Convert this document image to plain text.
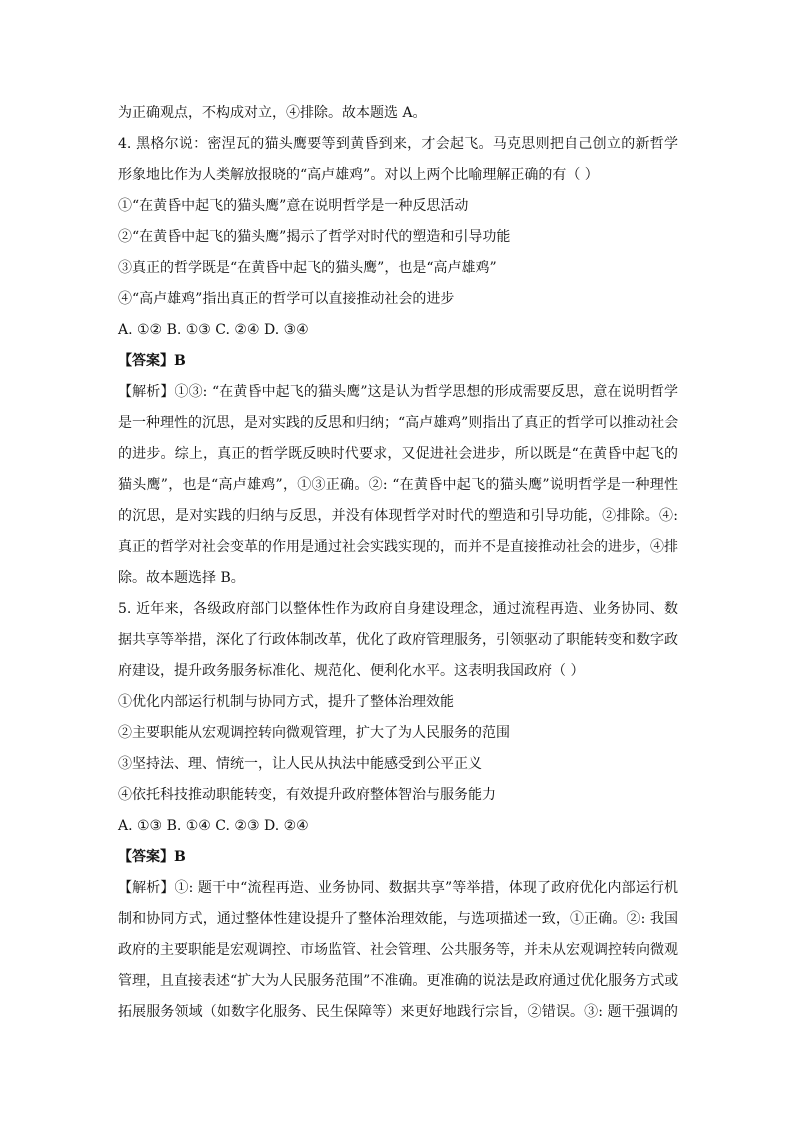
为正确观点，不构成对立，④排除。故本题选 A。
4. 黑格尔说：密涅瓦的猫头鹰要等到黄昏到来，才会起飞。马克思则把自己创立的新哲学
形象地比作为人类解放报晓的“高卢雄鸡”。对以上两个比喻理解正确的有（ ）
①“在黄昏中起飞的猫头鹰”意在说明哲学是一种反思活动
②“在黄昏中起飞的猫头鹰”揭示了哲学对时代的塑造和引导功能
③真正的哲学既是“在黄昏中起飞的猫头鹰”，也是“高卢雄鸡”
④“高卢雄鸡”指出真正的哲学可以直接推动社会的进步
A. ①② B. ①③ C. ②④ D. ③④
【答案】B
【解析】①③: “在黄昏中起飞的猫头鹰”这是认为哲学思想的形成需要反思，意在说明哲学
是一种理性的沉思，是对实践的反思和归纳；“高卢雄鸡”则指出了真正的哲学可以推动社会
的进步。综上，真正的哲学既反映时代要求，又促进社会进步，所以既是“在黄昏中起飞的
猫头鹰”，也是“高卢雄鸡”，①③正确。②: “在黄昏中起飞的猫头鹰”说明哲学是一种理性
的沉思，是对实践的归纳与反思，并没有体现哲学对时代的塑造和引导功能，②排除。④:
真正的哲学对社会变革的作用是通过社会实践实现的，而并不是直接推动社会的进步，④排
除。故本题选择 B。
5. 近年来，各级政府部门以整体性作为政府自身建设理念，通过流程再造、业务协同、数
据共享等举措，深化了行政体制改革，优化了政府管理服务，引领驱动了职能转变和数字政
府建设，提升政务服务标准化、规范化、便利化水平。这表明我国政府（ ）
①优化内部运行机制与协同方式，提升了整体治理效能
②主要职能从宏观调控转向微观管理，扩大了为人民服务的范围
③坚持法、理、情统一，让人民从执法中能感受到公平正义
④依托科技推动职能转变，有效提升政府整体智治与服务能力
A. ①③ B. ①④ C. ②③ D. ②④
【答案】B
【解析】①: 题干中“流程再造、业务协同、数据共享”等举措，体现了政府优化内部运行机
制和协同方式，通过整体性建设提升了整体治理效能，与选项描述一致，①正确。②: 我国
政府的主要职能是宏观调控、市场监管、社会管理、公共服务等，并未从宏观调控转向微观
管理，且直接表述“扩大为人民服务范围”不准确。更准确的说法是政府通过优化服务方式或
拓展服务领域（如数字化服务、民生保障等）来更好地践行宗旨，②错误。③: 题干强调的
